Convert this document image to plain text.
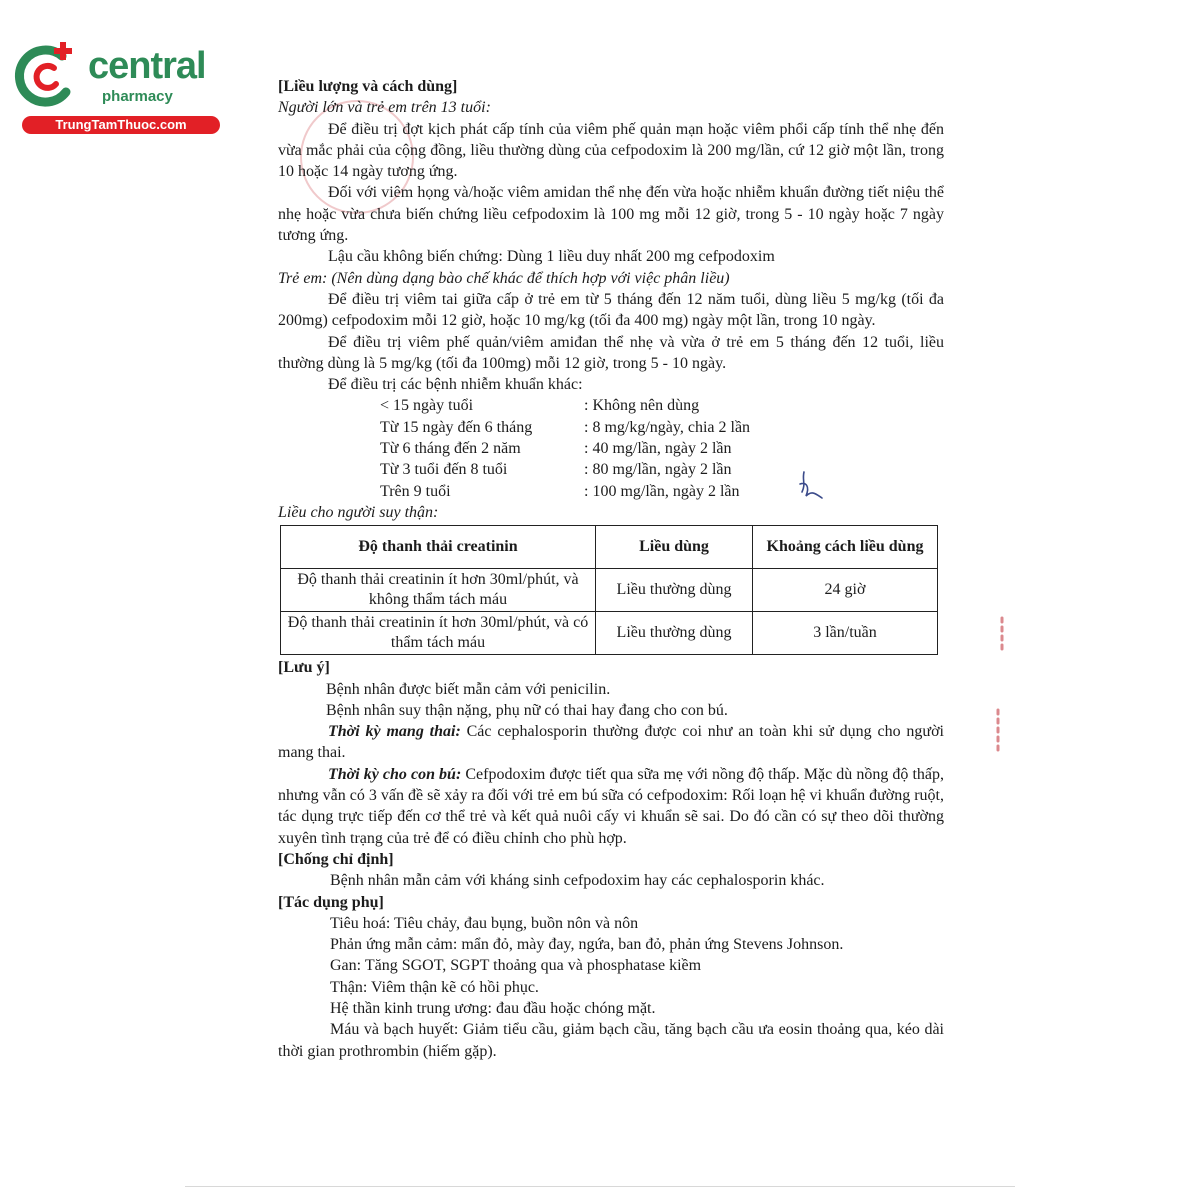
central
pharmacy
TrungTamThuoc.com

[Liều lượng và cách dùng]

Người lớn và trẻ em trên 13 tuổi:

Để điều trị đợt kịch phát cấp tính của viêm phế quản mạn hoặc viêm phổi cấp tính thể nhẹ đến vừa mắc phải của cộng đồng, liều thường dùng của cefpodoxim là 200 mg/lần, cứ 12 giờ một lần, trong 10 hoặc 14 ngày tương ứng.

Đối với viêm họng và/hoặc viêm amidan thể nhẹ đến vừa hoặc nhiễm khuẩn đường tiết niệu thể nhẹ hoặc vừa chưa biến chứng liều cefpodoxim là 100 mg mỗi 12 giờ, trong 5 - 10 ngày hoặc 7 ngày tương ứng.

Lậu cầu không biến chứng: Dùng 1 liều duy nhất 200 mg cefpodoxim

Trẻ em: (Nên dùng dạng bào chế khác để thích hợp với việc phân liều)

Để điều trị viêm tai giữa cấp ở trẻ em từ 5 tháng đến 12 năm tuổi, dùng liều 5 mg/kg (tối đa 200mg) cefpodoxim mỗi 12 giờ, hoặc 10 mg/kg (tối đa 400 mg) ngày một lần, trong 10 ngày.

Để điều trị viêm phế quản/viêm amiđan thể nhẹ và vừa ở trẻ em 5 tháng đến 12 tuổi, liều thường dùng là 5 mg/kg (tối đa 100mg) mỗi 12 giờ, trong 5 - 10 ngày.

Để điều trị các bệnh nhiễm khuẩn khác:

< 15 ngày tuổi	: Không nên dùng
Từ 15 ngày đến 6 tháng	: 8 mg/kg/ngày, chia 2 lần
Từ 6 tháng đến 2 năm	: 40 mg/lần, ngày 2 lần
Từ 3 tuổi đến 8 tuổi	: 80 mg/lần, ngày 2 lần
Trên 9 tuổi	: 100 mg/lần, ngày 2 lần

Liều cho người suy thận:

Độ thanh thải creatinin	Liều dùng	Khoảng cách liều dùng
Độ thanh thải creatinin ít hơn 30ml/phút, và không thẩm tách máu	Liều thường dùng	24 giờ
Độ thanh thải creatinin ít hơn 30ml/phút, và có thẩm tách máu	Liều thường dùng	3 lần/tuần

[Lưu ý]

Bệnh nhân được biết mẫn cảm với penicilin.

Bệnh nhân suy thận nặng, phụ nữ có thai hay đang cho con bú.

Thời kỳ mang thai: Các cephalosporin thường được coi như an toàn khi sử dụng cho người mang thai.

Thời kỳ cho con bú: Cefpodoxim được tiết qua sữa mẹ với nồng độ thấp. Mặc dù nồng độ thấp, nhưng vẫn có 3 vấn đề sẽ xảy ra đối với trẻ em bú sữa có cefpodoxim: Rối loạn hệ vi khuẩn đường ruột, tác dụng trực tiếp đến cơ thể trẻ và kết quả nuôi cấy vi khuẩn sẽ sai. Do đó cần có sự theo dõi thường xuyên tình trạng của trẻ để có điều chỉnh cho phù hợp.

[Chống chỉ định]

Bệnh nhân mẫn cảm với kháng sinh cefpodoxim hay các cephalosporin khác.

[Tác dụng phụ]

Tiêu hoá: Tiêu chảy, đau bụng, buồn nôn và nôn

Phản ứng mẫn cảm: mẩn đỏ, mày đay, ngứa, ban đỏ, phản ứng Stevens Johnson.

Gan: Tăng SGOT, SGPT thoảng qua và phosphatase kiềm

Thận: Viêm thận kẽ có hồi phục.

Hệ thần kinh trung ương: đau đầu hoặc chóng mặt.

Máu và bạch huyết: Giảm tiểu cầu, giảm bạch cầu, tăng bạch cầu ưa eosin thoảng qua, kéo dài thời gian prothrombin (hiếm gặp).
